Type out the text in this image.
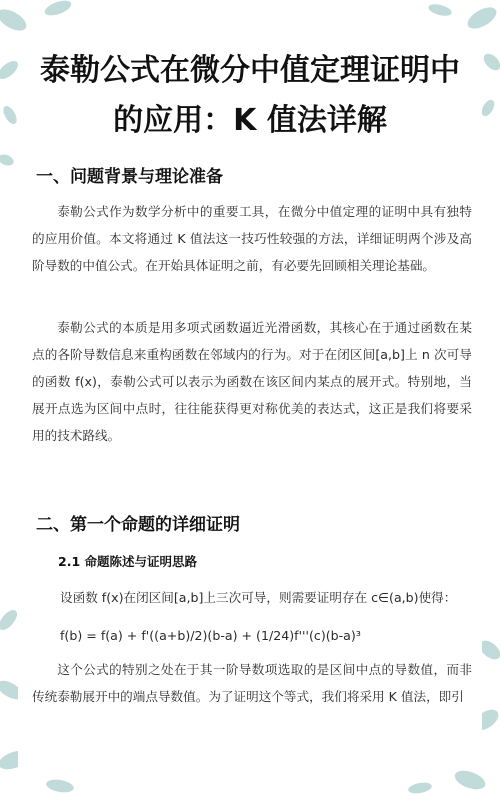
泰勒公式在微分中值定理证明中的应用：K 值法详解
一、问题背景与理论准备
泰勒公式作为数学分析中的重要工具，在微分中值定理的证明中具有独特的应用价值。本文将通过 K 值法这一技巧性较强的方法，详细证明两个涉及高阶导数的中值公式。在开始具体证明之前，有必要先回顾相关理论基础。
泰勒公式的本质是用多项式函数逼近光滑函数，其核心在于通过函数在某点的各阶导数信息来重构函数在邻域内的行为。对于在闭区间[a,b]上 n 次可导的函数 f(x)，泰勒公式可以表示为函数在该区间内某点的展开式。特别地，当展开点选为区间中点时，往往能获得更对称优美的表达式，这正是我们将要采用的技术路线。
二、第一个命题的详细证明
2.1 命题陈述与证明思路
设函数 f(x)在闭区间[a,b]上三次可导，则需要证明存在 c∈(a,b)使得：
f(b) = f(a) + f'((a+b)/2)(b-a) + (1/24)f'''(c)(b-a)³
这个公式的特别之处在于其一阶导数项选取的是区间中点的导数值，而非传统泰勒展开中的端点导数值。为了证明这个等式，我们将采用 K 值法，即引
